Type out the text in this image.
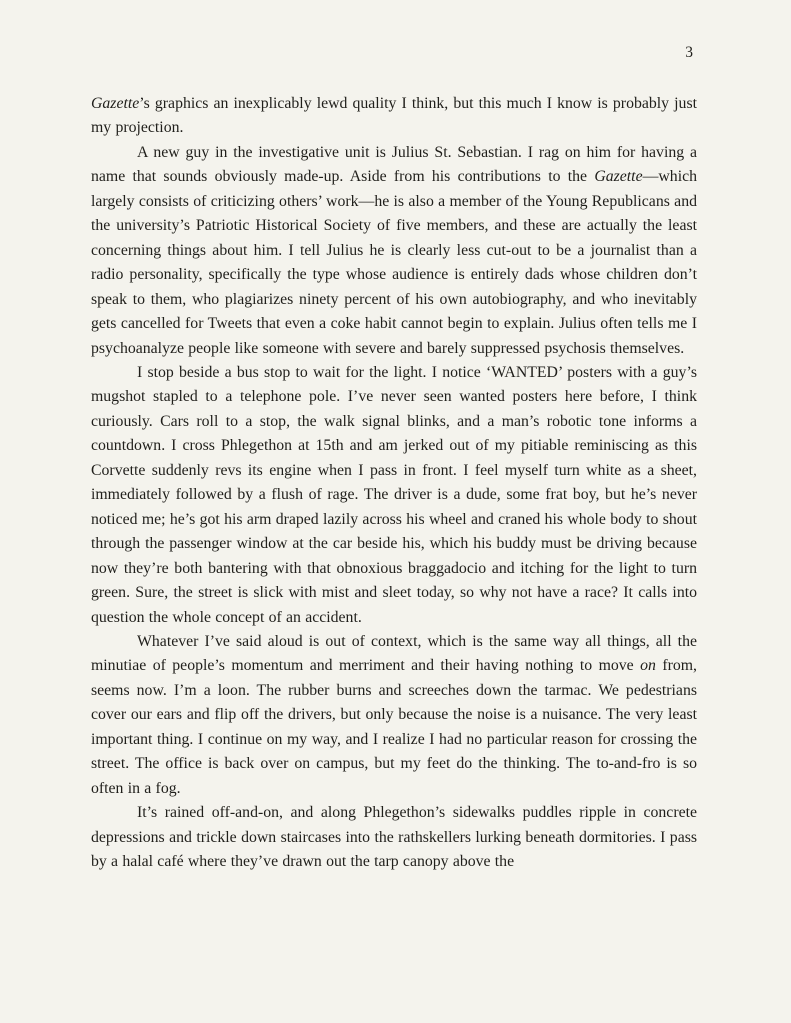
3

Gazette’s graphics an inexplicably lewd quality I think, but this much I know is probably just my projection.

A new guy in the investigative unit is Julius St. Sebastian. I rag on him for having a name that sounds obviously made-up. Aside from his contributions to the Gazette—which largely consists of criticizing others’ work—he is also a member of the Young Republicans and the university’s Patriotic Historical Society of five members, and these are actually the least concerning things about him. I tell Julius he is clearly less cut-out to be a journalist than a radio personality, specifically the type whose audience is entirely dads whose children don’t speak to them, who plagiarizes ninety percent of his own autobiography, and who inevitably gets cancelled for Tweets that even a coke habit cannot begin to explain. Julius often tells me I psychoanalyze people like someone with severe and barely suppressed psychosis themselves.

I stop beside a bus stop to wait for the light. I notice ‘WANTED’ posters with a guy’s mugshot stapled to a telephone pole. I’ve never seen wanted posters here before, I think curiously. Cars roll to a stop, the walk signal blinks, and a man’s robotic tone informs a countdown. I cross Phlegethon at 15th and am jerked out of my pitiable reminiscing as this Corvette suddenly revs its engine when I pass in front. I feel myself turn white as a sheet, immediately followed by a flush of rage. The driver is a dude, some frat boy, but he’s never noticed me; he’s got his arm draped lazily across his wheel and craned his whole body to shout through the passenger window at the car beside his, which his buddy must be driving because now they’re both bantering with that obnoxious braggadocio and itching for the light to turn green. Sure, the street is slick with mist and sleet today, so why not have a race? It calls into question the whole concept of an accident.

Whatever I’ve said aloud is out of context, which is the same way all things, all the minutiae of people’s momentum and merriment and their having nothing to move on from, seems now. I’m a loon. The rubber burns and screeches down the tarmac. We pedestrians cover our ears and flip off the drivers, but only because the noise is a nuisance. The very least important thing. I continue on my way, and I realize I had no particular reason for crossing the street. The office is back over on campus, but my feet do the thinking. The to-and-fro is so often in a fog.

It’s rained off-and-on, and along Phlegethon’s sidewalks puddles ripple in concrete depressions and trickle down staircases into the rathskellers lurking beneath dormitories. I pass by a halal café where they’ve drawn out the tarp canopy above the
